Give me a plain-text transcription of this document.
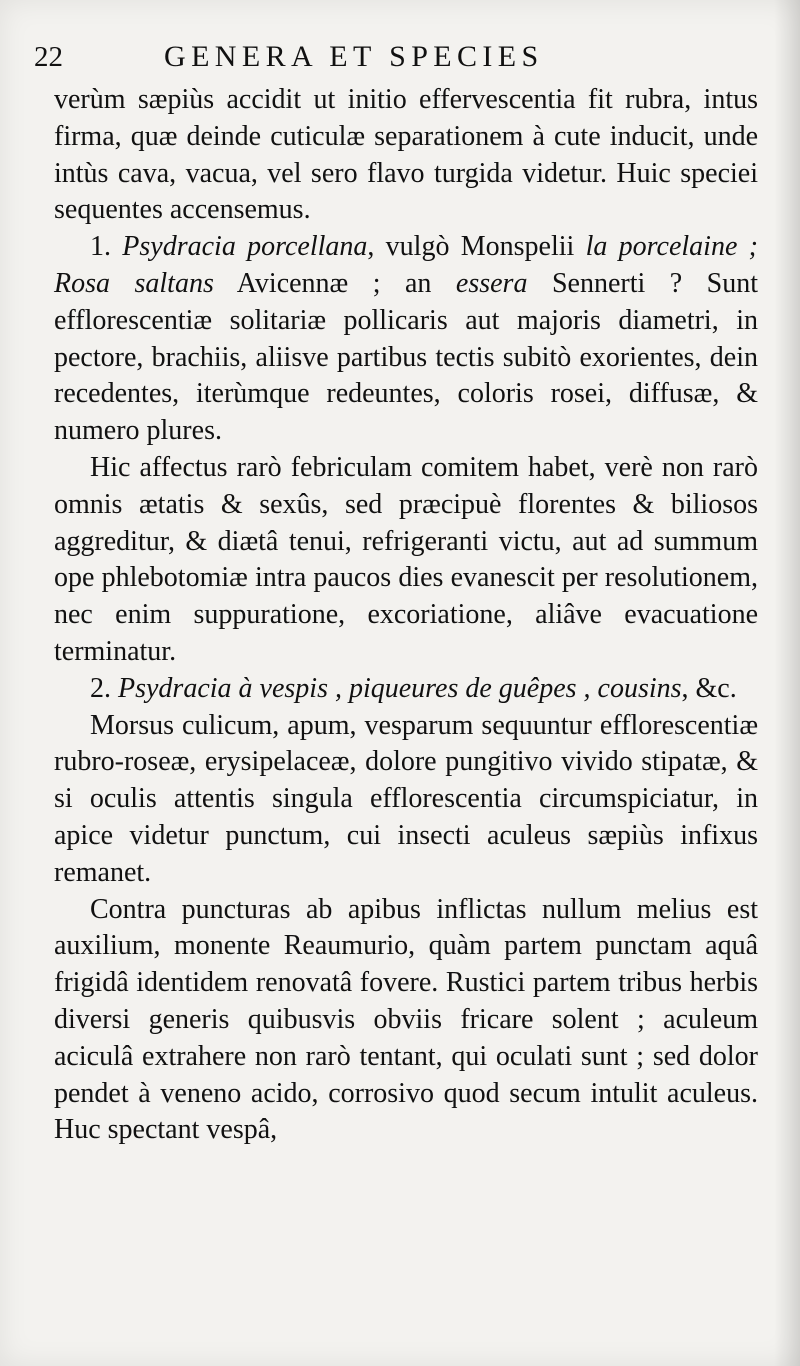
22	GENERA ET SPECIES

verùm sæpiùs accidit ut initio effervescentia fit rubra, intus firma, quæ deinde cuticulæ separationem à cute inducit, unde intùs cava, vacua, vel sero flavo turgida videtur. Huic speciei sequentes accensemus.

1. Psydracia porcellana, vulgò Monspelii la porcelaine ; Rosa saltans Avicennæ ; an essera Sennerti ? Sunt efflorescentiæ solitariæ pollicaris aut majoris diametri, in pectore, brachiis, aliisve partibus tectis subitò exorientes, dein recedentes, iterùmque redeuntes, coloris rosei, diffusæ, & numero plures.

Hic affectus rarò febriculam comitem habet, verè non rarò omnis ætatis & sexûs, sed præcipuè florentes & biliosos aggreditur, & diætâ tenui, refrigeranti victu, aut ad summum ope phlebotomiæ intra paucos dies evanescit per resolutionem, nec enim suppuratione, excoriatione, aliâve evacuatione terminatur.

2. Psydracia à vespis , piqueures de guêpes , cousins, &c.

Morsus culicum, apum, vesparum sequuntur efflorescentiæ rubro-roseæ, erysipelaceæ, dolore pungitivo vivido stipatæ, & si oculis attentis singula efflorescentia circumspiciatur, in apice videtur punctum, cui insecti aculeus sæpiùs infixus remanet.

Contra puncturas ab apibus inflictas nullum melius est auxilium, monente Reaumurio, quàm partem punctam aquâ frigidâ identidem renovatâ fovere. Rustici partem tribus herbis diversi generis quibusvis obviis fricare solent ; aculeum aciculâ extrahere non rarò tentant, qui oculati sunt ; sed dolor pendet à veneno acido, corrosivo quod secum intulit aculeus. Huc spectant vespâ,
